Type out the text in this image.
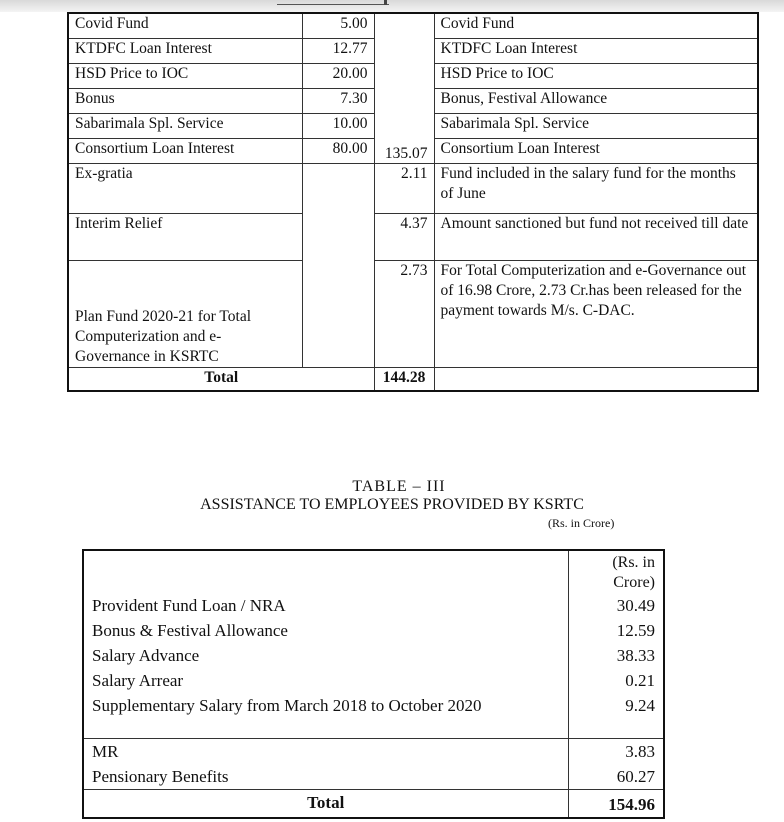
Covid Fund	5.00		Covid Fund
KTDFC Loan Interest	12.77		KTDFC Loan Interest
HSD Price to IOC	20.00		HSD Price to IOC
Bonus	7.30		Bonus, Festival Allowance
Sabarimala Spl. Service	10.00		Sabarimala Spl. Service
Consortium Loan Interest	80.00	135.07	Consortium Loan Interest
Ex-gratia		2.11	Fund included in the salary fund for the months of June
Interim Relief		4.37	Amount sanctioned but fund not received till date
Plan Fund 2020-21 for Total Computerization and e-Governance in KSRTC		2.73	For Total Computerization and e-Governance out of 16.98 Crore, 2.73 Cr.has been released for the payment towards M/s. C-DAC.
Total		144.28	
TABLE – III
ASSISTANCE TO EMPLOYEES PROVIDED BY KSRTC
(Rs. in Crore)
	(Rs. in Crore)
Provident Fund Loan / NRA	30.49
Bonus & Festival Allowance	12.59
Salary Advance	38.33
Salary Arrear	0.21
Supplementary Salary from March 2018 to October 2020	9.24
MR	3.83
Pensionary Benefits	60.27
Total	154.96
